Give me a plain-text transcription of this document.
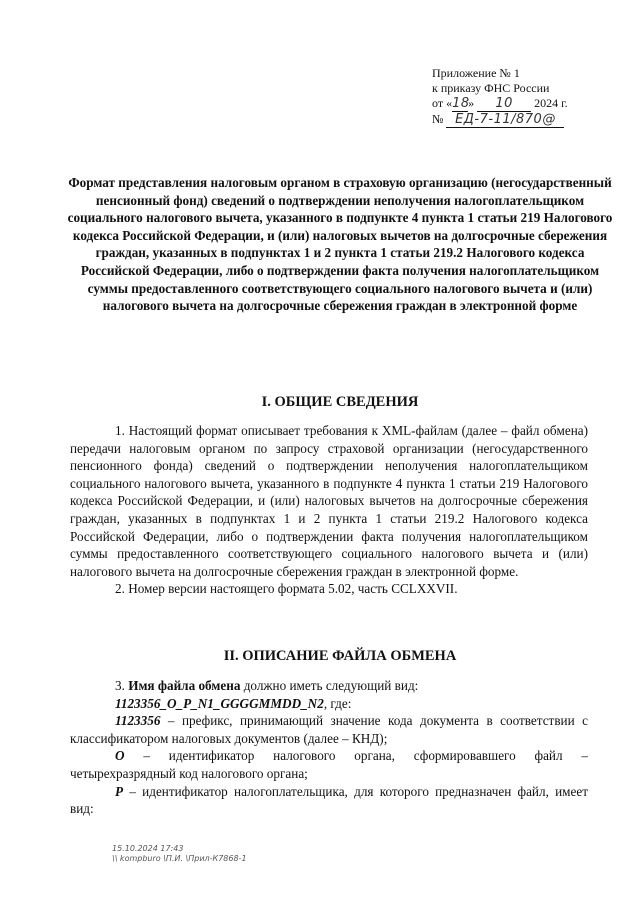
Приложение № 1
к приказу ФНС России
от «18» 10 2024 г.
№ ЕД-7-11/870@
Формат представления налоговым органом в страховую организацию (негосударственный пенсионный фонд) сведений о подтверждении неполучения налогоплательщиком социального налогового вычета, указанного в подпункте 4 пункта 1 статьи 219 Налогового кодекса Российской Федерации, и (или) налоговых вычетов на долгосрочные сбережения граждан, указанных в подпунктах 1 и 2 пункта 1 статьи 219.2 Налогового кодекса Российской Федерации, либо о подтверждении факта получения налогоплательщиком суммы предоставленного соответствующего социального налогового вычета и (или) налогового вычета на долгосрочные сбережения граждан в электронной форме
I. ОБЩИЕ СВЕДЕНИЯ

1. Настоящий формат описывает требования к XML-файлам (далее – файл обмена) передачи налоговым органом по запросу страховой организации (негосударственного пенсионного фонда) сведений о подтверждении неполучения налогоплательщиком социального налогового вычета, указанного в подпункте 4 пункта 1 статьи 219 Налогового кодекса Российской Федерации, и (или) налоговых вычетов на долгосрочные сбережения граждан, указанных в подпунктах 1 и 2 пункта 1 статьи 219.2 Налогового кодекса Российской Федерации, либо о подтверждении факта получения налогоплательщиком суммы предоставленного соответствующего социального налогового вычета и (или) налогового вычета на долгосрочные сбережения граждан в электронной форме.

2. Номер версии настоящего формата 5.02, часть CCLXXVII.

II. ОПИСАНИЕ ФАЙЛА ОБМЕНА

3. Имя файла обмена должно иметь следующий вид:

1123356_O_P_N1_GGGGMMDD_N2, где:

1123356 – префикс, принимающий значение кода документа в соответствии с классификатором налоговых документов (далее – КНД);

O – идентификатор налогового органа, сформировавшего файл – четырехразрядный код налогового органа;

P – идентификатор налогоплательщика, для которого предназначен файл, имеет вид:

15.10.2024 17:43
\\ kompburo \П.И. \Прил-К7868-1
